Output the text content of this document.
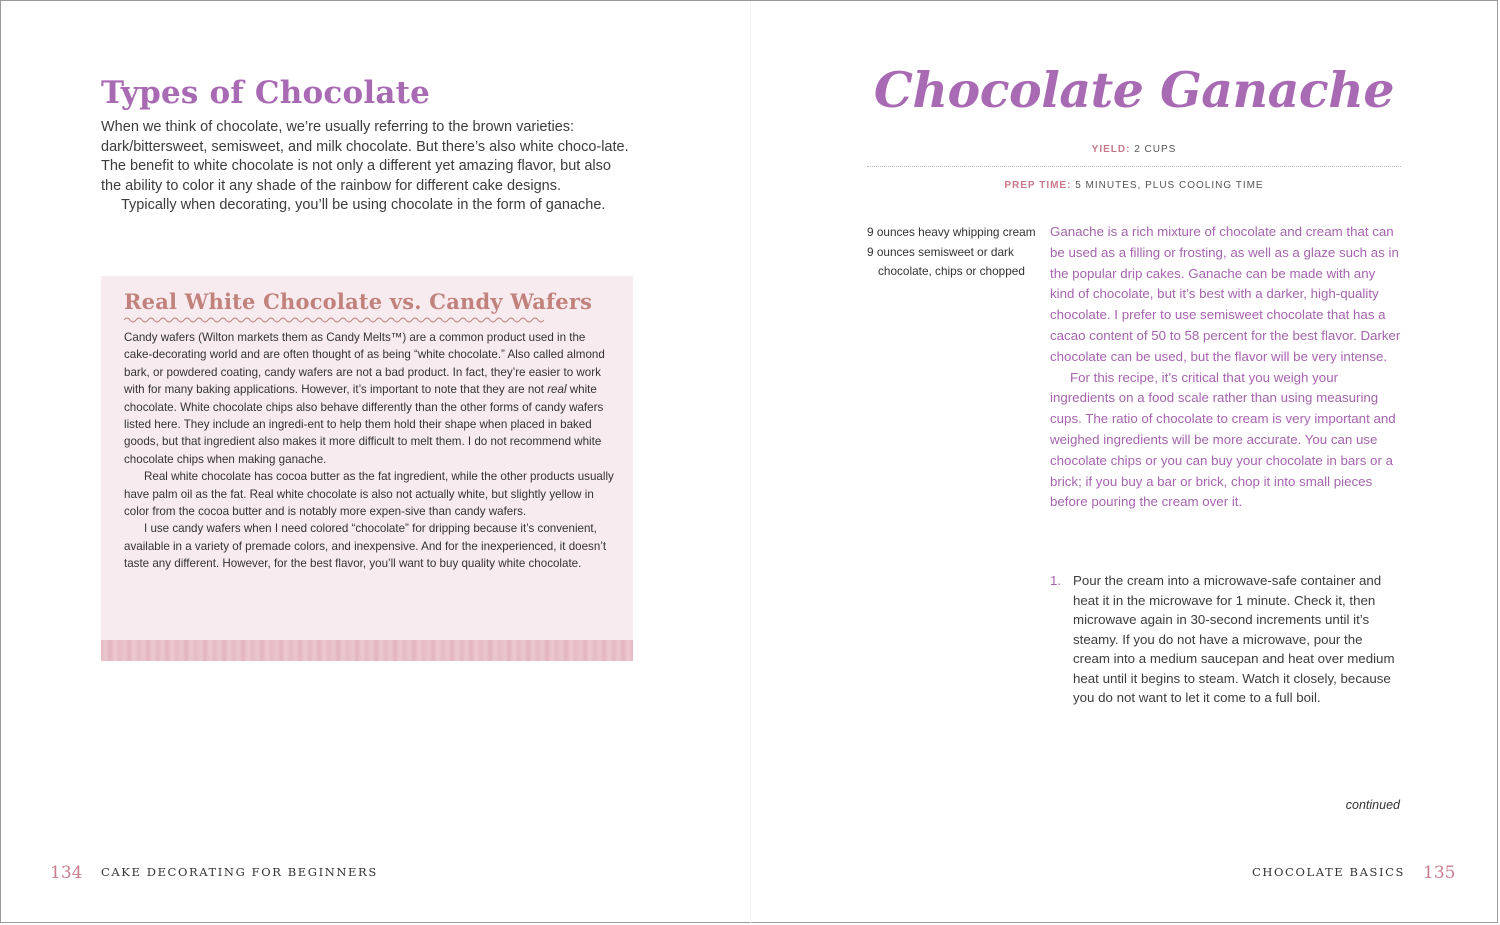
Types of Chocolate

When we think of chocolate, we’re usually referring to the brown varieties: dark/bittersweet, semisweet, and milk chocolate. But there’s also white choco-late. The benefit to white chocolate is not only a different yet amazing flavor, but also the ability to color it any shade of the rainbow for different cake designs.

Typically when decorating, you’ll be using chocolate in the form of ganache.

Real White Chocolate vs. Candy Wafers

Candy wafers (Wilton markets them as Candy Melts™) are a common product used in the cake-decorating world and are often thought of as being “white chocolate.” Also called almond bark, or powdered coating, candy wafers are not a bad product. In fact, they’re easier to work with for many baking applications. However, it’s important to note that they are not real white chocolate. White chocolate chips also behave differently than the other forms of candy wafers listed here. They include an ingredi-ent to help them hold their shape when placed in baked goods, but that ingredient also makes it more difficult to melt them. I do not recommend white chocolate chips when making ganache.

Real white chocolate has cocoa butter as the fat ingredient, while the other products usually have palm oil as the fat. Real white chocolate is also not actually white, but slightly yellow in color from the cocoa butter and is notably more expen-sive than candy wafers.

I use candy wafers when I need colored “chocolate” for dripping because it’s convenient, available in a variety of premade colors, and inexpensive. And for the inexperienced, it doesn’t taste any different. However, for the best flavor, you’ll want to buy quality white chocolate.

134 CAKE DECORATING FOR BEGINNERS
Chocolate Ganache
YIELD: 2 CUPS
PREP TIME: 5 MINUTES, PLUS COOLING TIME
9 ounces heavy whipping cream
9 ounces semisweet or dark chocolate, chips or chopped

Ganache is a rich mixture of chocolate and cream that can be used as a filling or frosting, as well as a glaze such as in the popular drip cakes. Ganache can be made with any kind of chocolate, but it’s best with a darker, high-quality chocolate. I prefer to use semisweet chocolate that has a cacao content of 50 to 58 percent for the best flavor. Darker chocolate can be used, but the flavor will be very intense.

For this recipe, it’s critical that you weigh your ingredients on a food scale rather than using measuring cups. The ratio of chocolate to cream is very important and weighed ingredients will be more accurate. You can use chocolate chips or you can buy your chocolate in bars or a brick; if you buy a bar or brick, chop it into small pieces before pouring the cream over it.

1. Pour the cream into a microwave-safe container and heat it in the microwave for 1 minute. Check it, then microwave again in 30-second increments until it’s steamy. If you do not have a microwave, pour the cream into a medium saucepan and heat over medium heat until it begins to steam. Watch it closely, because you do not want to let it come to a full boil.
continued
CHOCOLATE BASICS 135
